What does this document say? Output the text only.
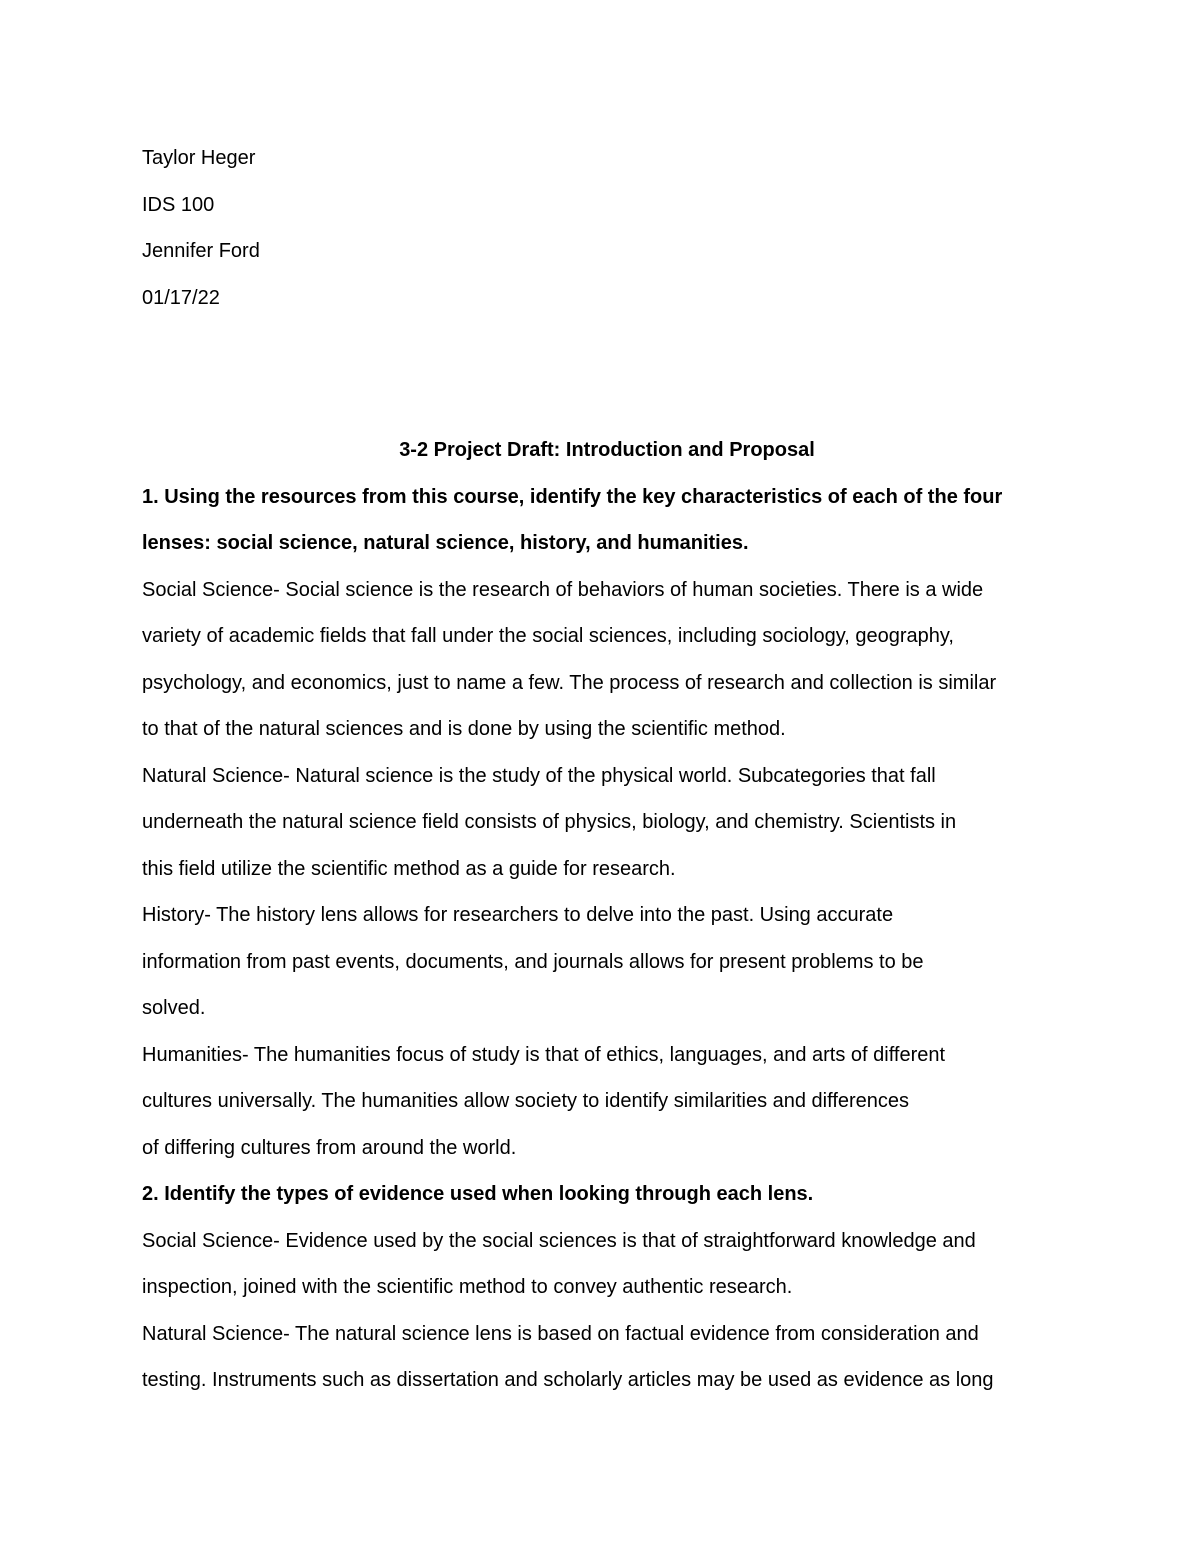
Taylor Heger
IDS 100
Jennifer Ford
01/17/22
3-2 Project Draft: Introduction and Proposal
1. Using the resources from this course, identify the key characteristics of each of the four
lenses: social science, natural science, history, and humanities.
Social Science- Social science is the research of behaviors of human societies. There is a wide
variety of academic fields that fall under the social sciences, including sociology, geography,
psychology, and economics, just to name a few. The process of research and collection is similar
to that of the natural sciences and is done by using the scientific method.
Natural Science- Natural science is the study of the physical world. Subcategories that fall
underneath the natural science field consists of physics, biology, and chemistry. Scientists in
this field utilize the scientific method as a guide for research.
History- The history lens allows for researchers to delve into the past. Using accurate
information from past events, documents, and journals allows for present problems to be
solved.
Humanities- The humanities focus of study is that of ethics, languages, and arts of different
cultures universally. The humanities allow society to identify similarities and differences
of differing cultures from around the world.
2. Identify the types of evidence used when looking through each lens.
Social Science- Evidence used by the social sciences is that of straightforward knowledge and
inspection, joined with the scientific method to convey authentic research.
Natural Science- The natural science lens is based on factual evidence from consideration and
testing. Instruments such as dissertation and scholarly articles may be used as evidence as long
